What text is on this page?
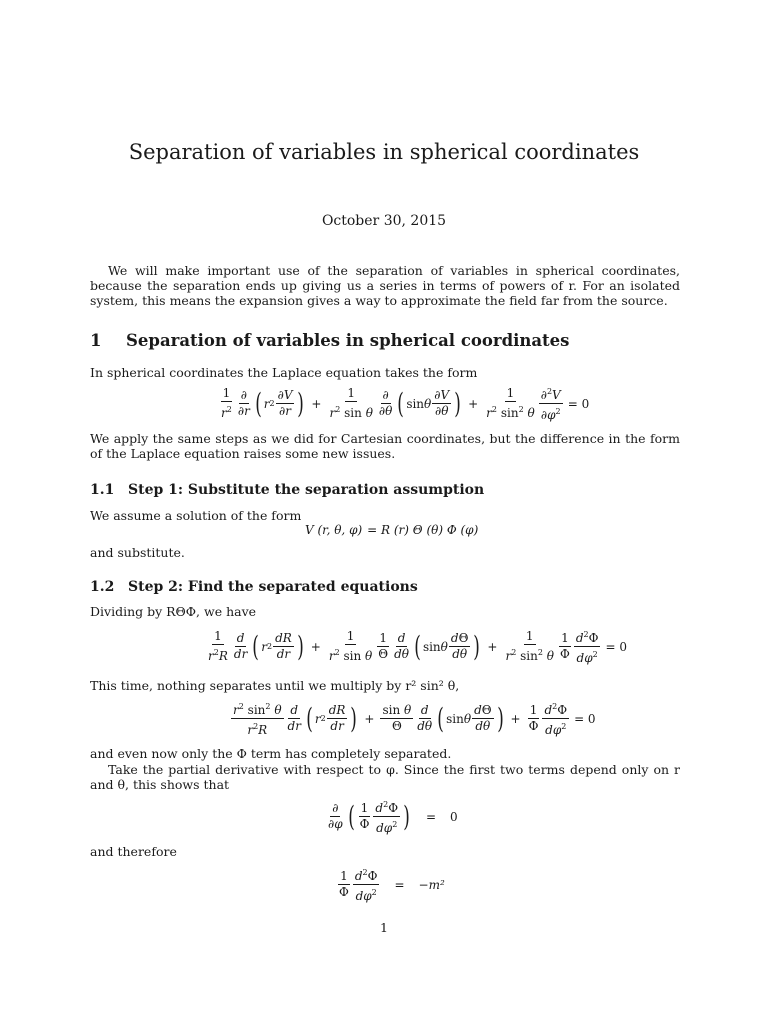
Separation of variables in spherical coordinates
October 30, 2015
We will make important use of the separation of variables in spherical coordinates, because the separation ends up giving us a series in terms of powers of r. For an isolated system, this means the expansion gives a way to approximate the field far from the source.
1 Separation of variables in spherical coordinates
In spherical coordinates the Laplace equation takes the form
$\frac{1}{r^2} \frac{\partial}{\partial r}$ ( r $2 \frac{\partial V}{\partial r}$ ) + $\frac{1}{r^2 \sin \theta} \frac{\partial}{\partial\theta}$ ( sin θ $\frac{\partial V}{\partial\theta}$ ) + $\frac{1}{r^2 \sin^2 \theta} \frac{\partial^2V}{\partial\varphi^2} = 0$
We apply the same steps as we did for Cartesian coordinates, but the difference in the form of the Laplace equation raises some new issues.
1.1 Step 1: Substitute the separation assumption
We assume a solution of the form
V (r, θ, φ) = R (r) Θ (θ) Φ (φ)
and substitute.
1.2 Step 2: Find the separated equations
Dividing by RΘΦ, we have
$\frac{1}{r^2R} \frac{d}{dr}$ ( r $2 \frac{dR}{dr}$ ) + $\frac{1}{r^2 \sin \theta} \frac{1}{\Theta} \frac{d}{d\theta}$ ( sin θ $\frac{d\Theta}{d\theta}$ ) + $\frac{1}{r^2 \sin^2 \theta} \frac{1}{\Phi} \frac{d^2\Phi}{d\varphi^2} = 0$
This time, nothing separates until we multiply by r² sin² θ,
$\frac{r^2 \sin^2 \theta}{r^2R} \frac{d}{dr}$ ( r $2 \frac{dR}{dr}$ ) + $\frac{\text{sin θ}}{\Theta} \frac{d}{d\theta}$ ( sin θ $\frac{d\Theta}{d\theta}$ ) + $\frac{1}{\Phi} \frac{d^2\Phi}{d\varphi^2} = 0$
and even now only the Φ term has completely separated.
Take the partial derivative with respect to φ. Since the first two terms depend only on r and θ, this shows that
$\frac{\partial}{\partial\varphi}$ ( $\frac{1}{\Phi} \frac{d^2\Phi}{d\varphi^2}$ ) = 0
and therefore
$\frac{1}{\Phi} \frac{d^2\Phi}{d\varphi^2} = -m^2$
1
